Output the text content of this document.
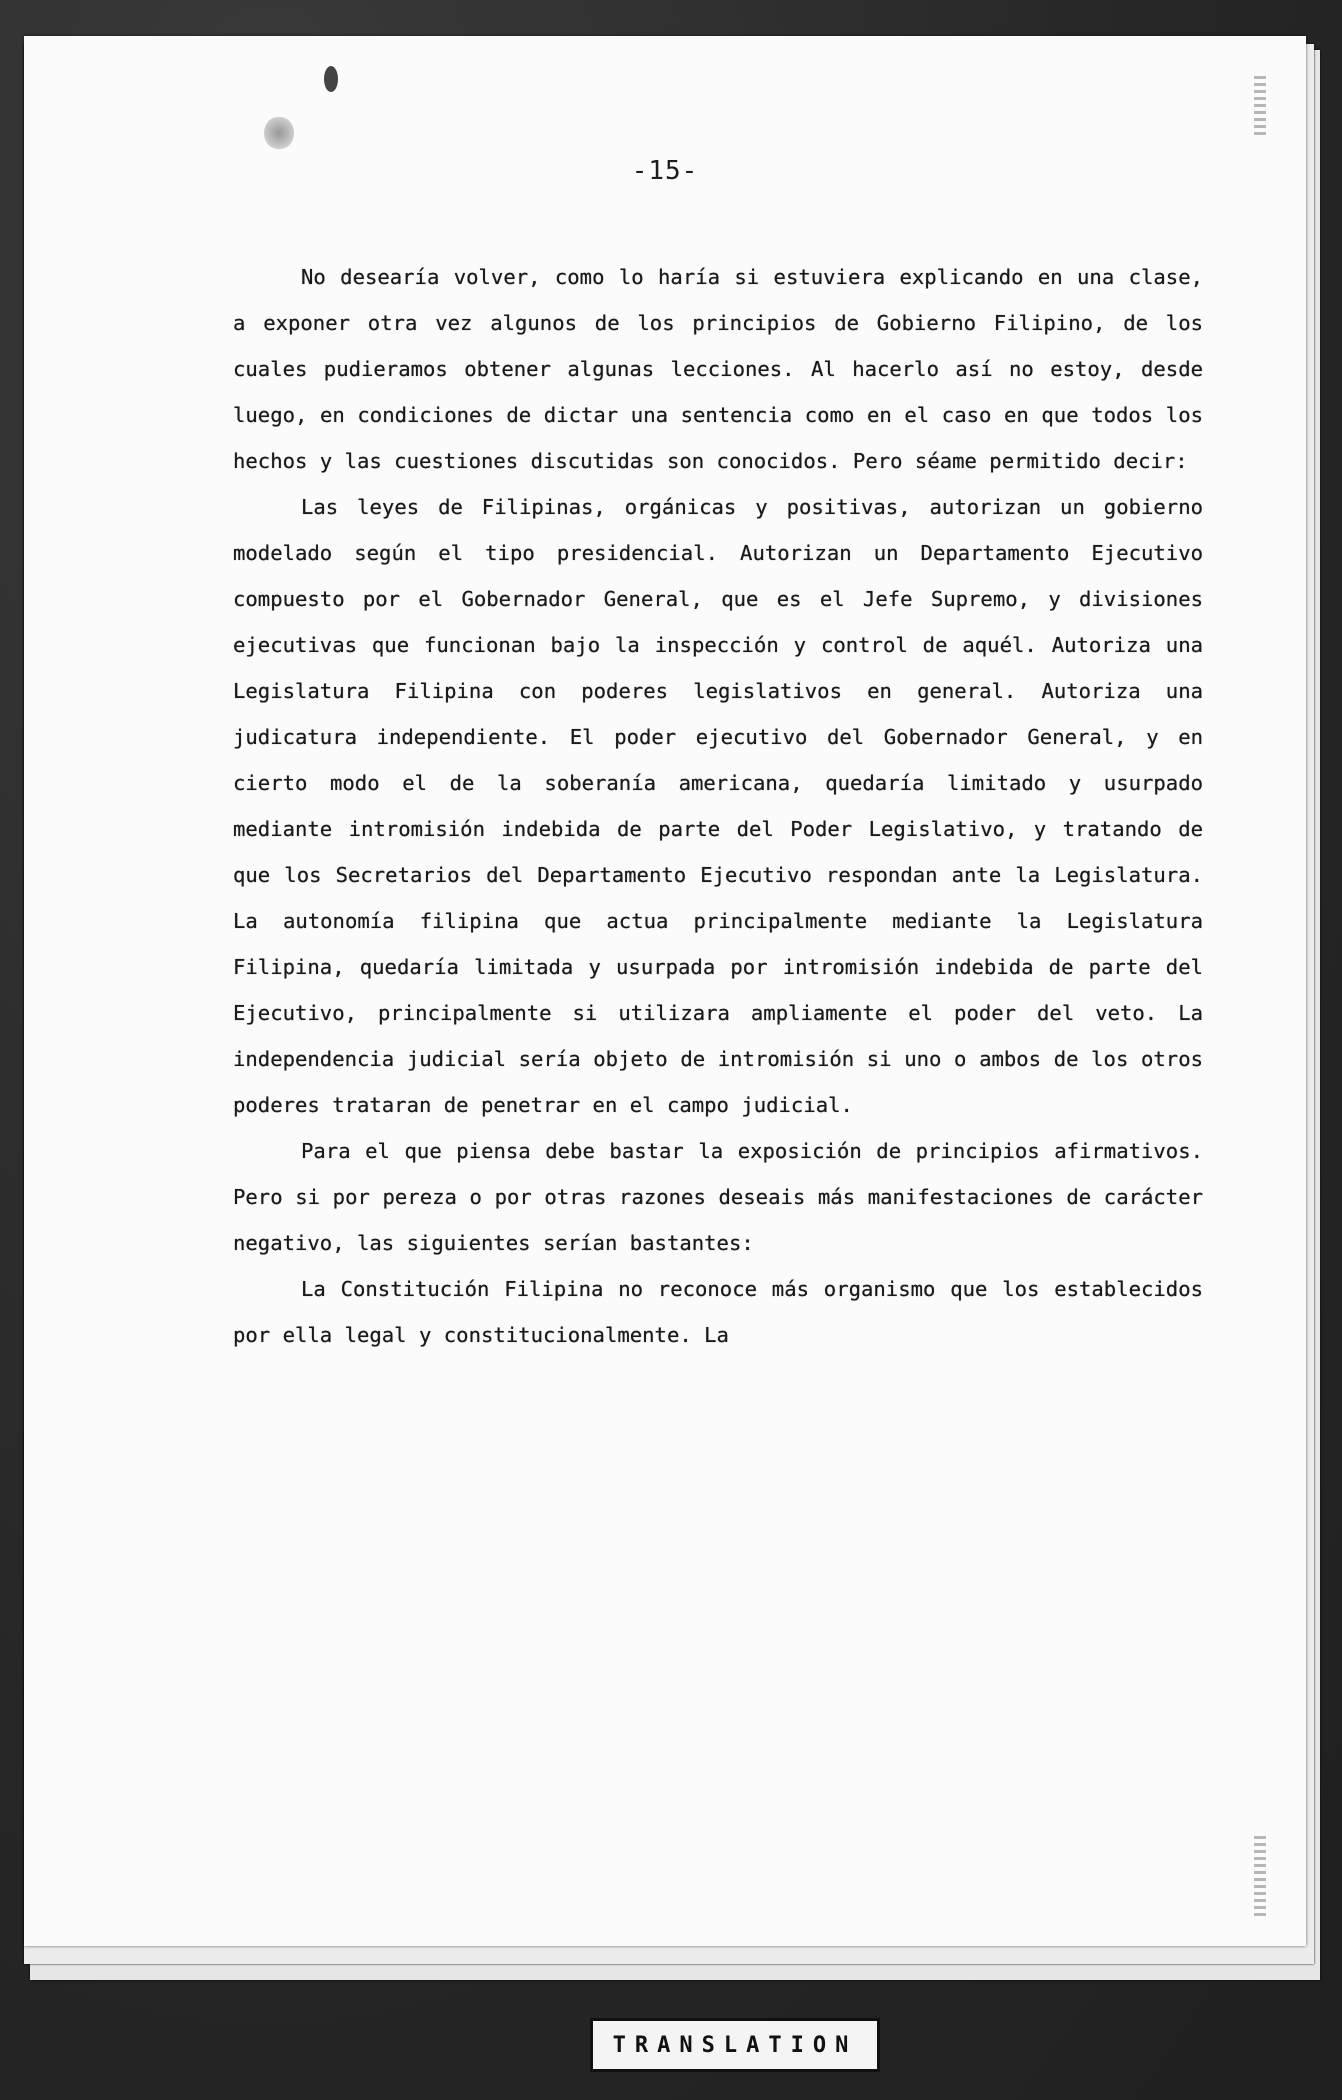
-15-

No desearía volver, como lo haría si estuviera explicando en una clase, a exponer otra vez algunos de los principios de Gobierno Filipino, de los cuales pudieramos obtener algunas lecciones. Al hacerlo así no estoy, desde luego, en condiciones de dictar una sentencia como en el caso en que todos los hechos y las cuestiones discutidas son conocidos. Pero séame permitido decir:

Las leyes de Filipinas, orgánicas y positivas, autorizan un gobierno modelado según el tipo presidencial. Autorizan un Departamento Ejecutivo compuesto por el Gobernador General, que es el Jefe Supremo, y divisiones ejecutivas que funcionan bajo la inspección y control de aquél. Autoriza una Legislatura Filipina con poderes legislativos en general. Autoriza una judicatura independiente. El poder ejecutivo del Gobernador General, y en cierto modo el de la soberanía americana, quedaría limitado y usurpado mediante intromisión indebida de parte del Poder Legislativo, y tratando de que los Secretarios del Departamento Ejecutivo respondan ante la Legislatura. La autonomía filipina que actua principalmente mediante la Legislatura Filipina, quedaría limitada y usurpada por intromisión indebida de parte del Ejecutivo, principalmente si utilizara ampliamente el poder del veto. La independencia judicial sería objeto de intromisión si uno o ambos de los otros poderes trataran de penetrar en el campo judicial.

Para el que piensa debe bastar la exposición de principios afirmativos. Pero si por pereza o por otras razones deseais más manifestaciones de carácter negativo, las siguientes serían bastantes:

La Constitución Filipina no reconoce más organismo que los establecidos por ella legal y constitucionalmente. La

TRANSLATION
